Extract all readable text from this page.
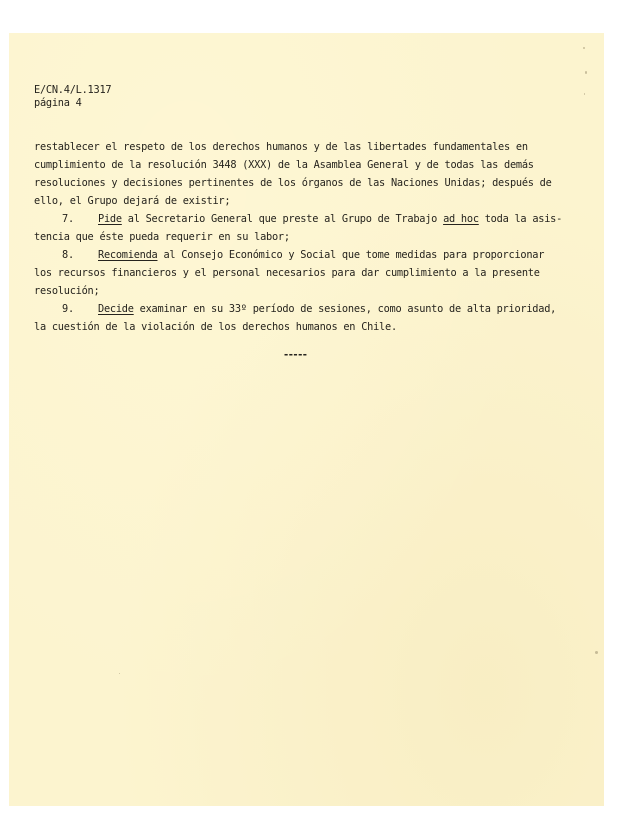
E/CN.4/L.1317
página 4
restablecer el respeto de los derechos humanos y de las libertades fundamentales en
cumplimiento de la resolución 3448 (XXX) de la Asamblea General y de todas las demás
resoluciones y decisiones pertinentes de los órganos de las Naciones Unidas; después de
ello, el Grupo dejará de existir;
7. Pide al Secretario General que preste al Grupo de Trabajo ad hoc toda la asis-
tencia que éste pueda requerir en su labor;
8. Recomienda al Consejo Económico y Social que tome medidas para proporcionar
los recursos financieros y el personal necesarios para dar cumplimiento a la presente
resolución;
9. Decide examinar en su 33º período de sesiones, como asunto de alta prioridad,
la cuestión de la violación de los derechos humanos en Chile.
-----
